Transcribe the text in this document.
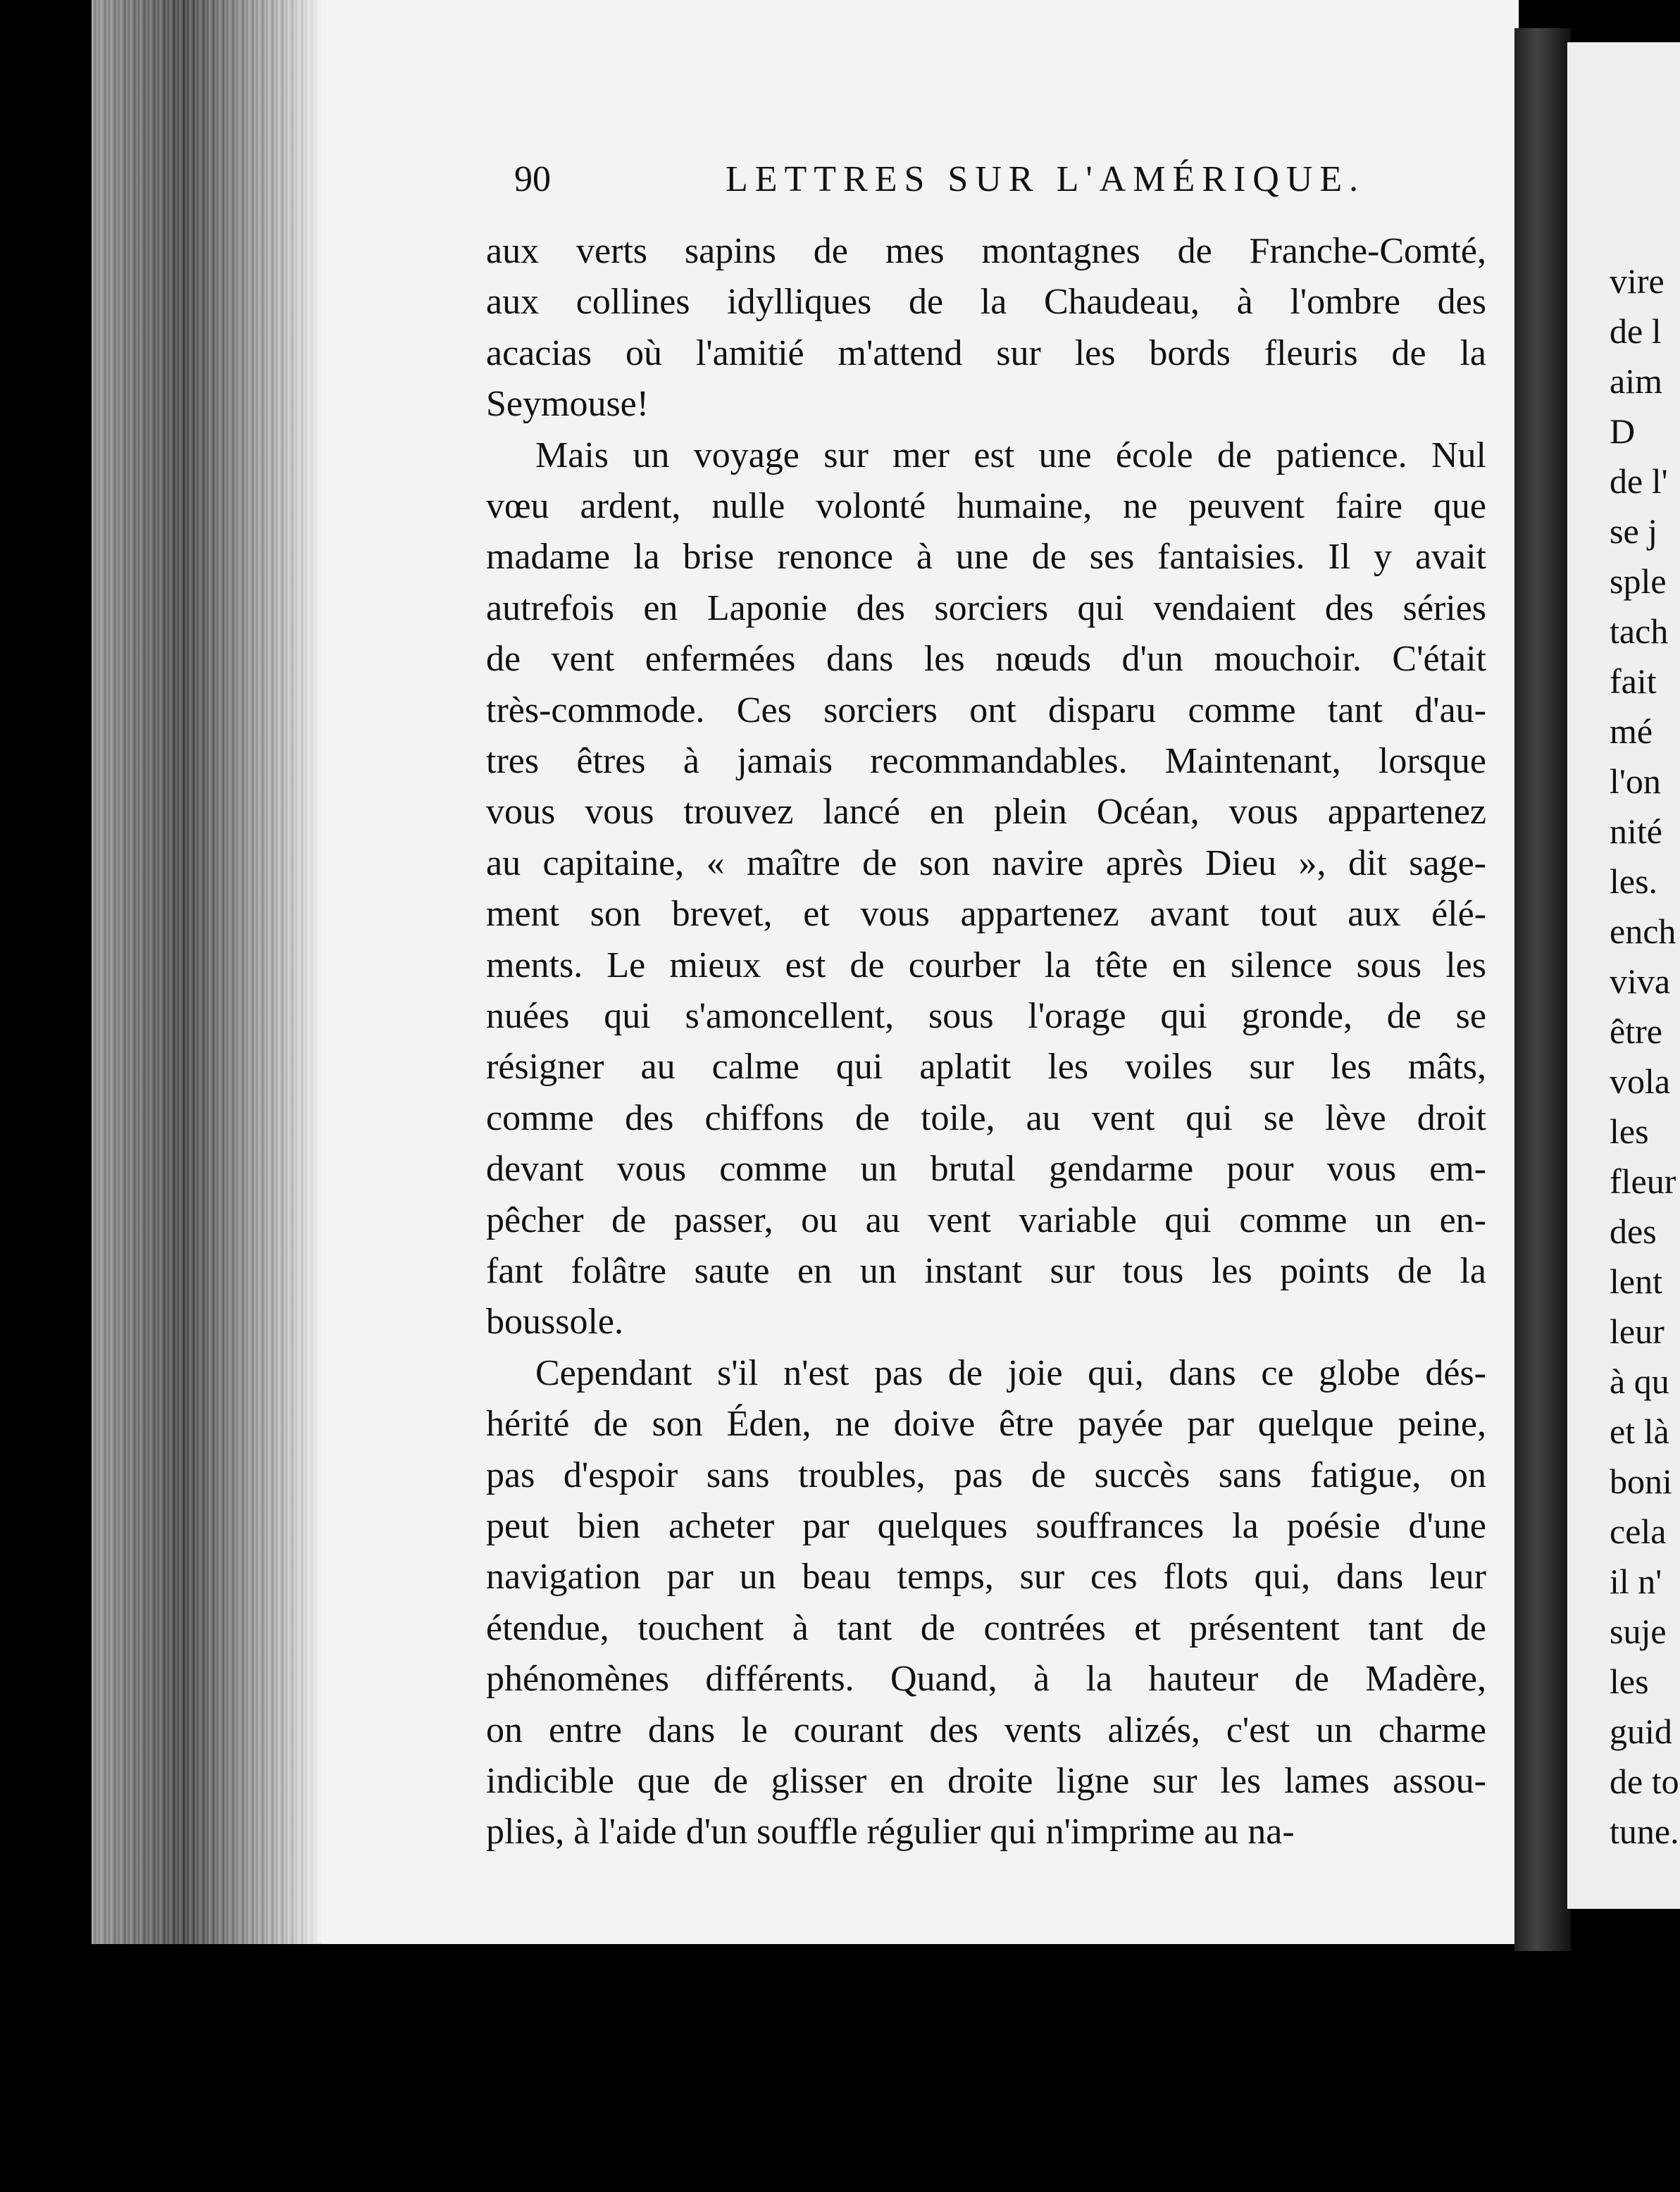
90	LETTRES SUR L'AMÉRIQUE.
aux verts sapins de mes montagnes de Franche-Comté,
aux collines idylliques de la Chaudeau, à l'ombre des
acacias où l'amitié m'attend sur les bords fleuris de la
Seymouse!
Mais un voyage sur mer est une école de patience. Nul
vœu ardent, nulle volonté humaine, ne peuvent faire que
madame la brise renonce à une de ses fantaisies. Il y avait
autrefois en Laponie des sorciers qui vendaient des séries
de vent enfermées dans les nœuds d'un mouchoir. C'était
très-commode. Ces sorciers ont disparu comme tant d'au-
tres êtres à jamais recommandables. Maintenant, lorsque
vous vous trouvez lancé en plein Océan, vous appartenez
au capitaine, « maître de son navire après Dieu », dit sage-
ment son brevet, et vous appartenez avant tout aux élé-
ments. Le mieux est de courber la tête en silence sous les
nuées qui s'amoncellent, sous l'orage qui gronde, de se
résigner au calme qui aplatit les voiles sur les mâts,
comme des chiffons de toile, au vent qui se lève droit
devant vous comme un brutal gendarme pour vous em-
pêcher de passer, ou au vent variable qui comme un en-
fant folâtre saute en un instant sur tous les points de la
boussole.
Cependant s'il n'est pas de joie qui, dans ce globe dés-
hérité de son Éden, ne doive être payée par quelque peine,
pas d'espoir sans troubles, pas de succès sans fatigue, on
peut bien acheter par quelques souffrances la poésie d'une
navigation par un beau temps, sur ces flots qui, dans leur
étendue, touchent à tant de contrées et présentent tant de
phénomènes différents. Quand, à la hauteur de Madère,
on entre dans le courant des vents alizés, c'est un charme
indicible que de glisser en droite ligne sur les lames assou-
plies, à l'aide d'un souffle régulier qui n'imprime au na-
vire
de l
aim
D
de l'
se j
sple
tach
fait
mé
l'on
nité
les.
ench
viva
être
vola
les
fleur
des
lent
leur
à qu
et là
boni
cela
il n'
suje
les
guid
de to
tune.
